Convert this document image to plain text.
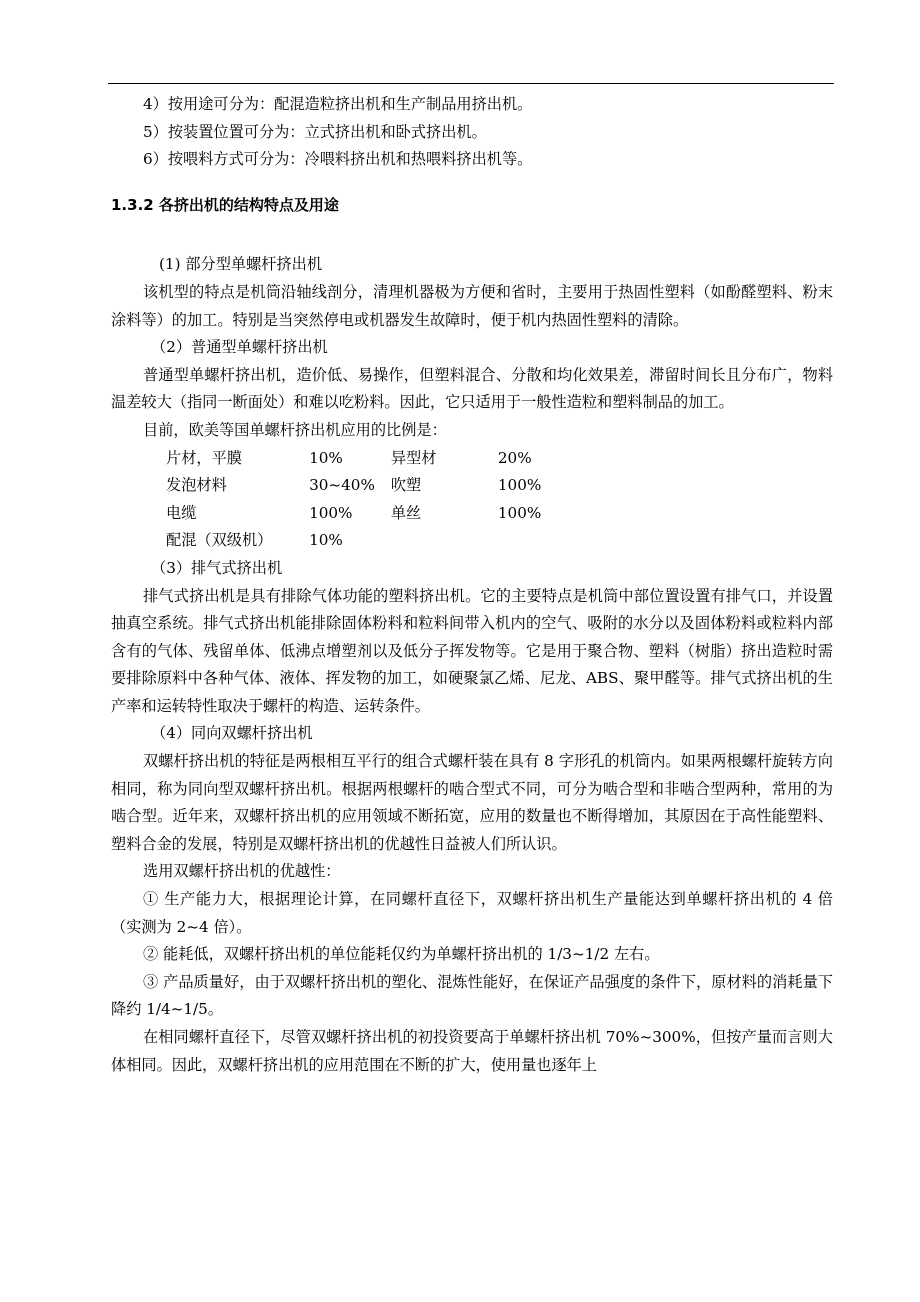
4）按用途可分为：配混造粒挤出机和生产制品用挤出机。

5）按装置位置可分为：立式挤出机和卧式挤出机。

6）按喂料方式可分为：冷喂料挤出机和热喂料挤出机等。

1.3.2 各挤出机的结构特点及用途

(1) 部分型单螺杆挤出机

该机型的特点是机筒沿轴线剖分，清理机器极为方便和省时，主要用于热固性塑料（如酚醛塑料、粉末涂料等）的加工。特别是当突然停电或机器发生故障时，便于机内热固性塑料的清除。

（2）普通型单螺杆挤出机

普通型单螺杆挤出机，造价低、易操作，但塑料混合、分散和均化效果差，滞留时间长且分布广，物料温差较大（指同一断面处）和难以吃粉料。因此，它只适用于一般性造粒和塑料制品的加工。

目前，欧美等国单螺杆挤出机应用的比例是：

片材，平膜	10%	异型材	20%
发泡材料	30~40%	吹塑	100%
电缆	100%	单丝	100%
配混（双级机）	10%

（3）排气式挤出机

排气式挤出机是具有排除气体功能的塑料挤出机。它的主要特点是机筒中部位置设置有排气口，并设置抽真空系统。排气式挤出机能排除固体粉料和粒料间带入机内的空气、吸附的水分以及固体粉料或粒料内部含有的气体、残留单体、低沸点增塑剂以及低分子挥发物等。它是用于聚合物、塑料（树脂）挤出造粒时需要排除原料中各种气体、液体、挥发物的加工，如硬聚氯乙烯、尼龙、ABS、聚甲醛等。排气式挤出机的生产率和运转特性取决于螺杆的构造、运转条件。

（4）同向双螺杆挤出机

双螺杆挤出机的特征是两根相互平行的组合式螺杆装在具有 8 字形孔的机筒内。如果两根螺杆旋转方向相同，称为同向型双螺杆挤出机。根据两根螺杆的啮合型式不同，可分为啮合型和非啮合型两种，常用的为啮合型。近年来，双螺杆挤出机的应用领域不断拓宽，应用的数量也不断得增加，其原因在于高性能塑料、塑料合金的发展，特别是双螺杆挤出机的优越性日益被人们所认识。

选用双螺杆挤出机的优越性：

① 生产能力大，根据理论计算，在同螺杆直径下，双螺杆挤出机生产量能达到单螺杆挤出机的 4 倍（实测为 2~4 倍）。

② 能耗低，双螺杆挤出机的单位能耗仅约为单螺杆挤出机的 1/3~1/2 左右。

③ 产品质量好，由于双螺杆挤出机的塑化、混炼性能好，在保证产品强度的条件下，原材料的消耗量下降约 1/4~1/5。

在相同螺杆直径下，尽管双螺杆挤出机的初投资要高于单螺杆挤出机 70%~300%，但按产量而言则大体相同。因此，双螺杆挤出机的应用范围在不断的扩大，使用量也逐年上
